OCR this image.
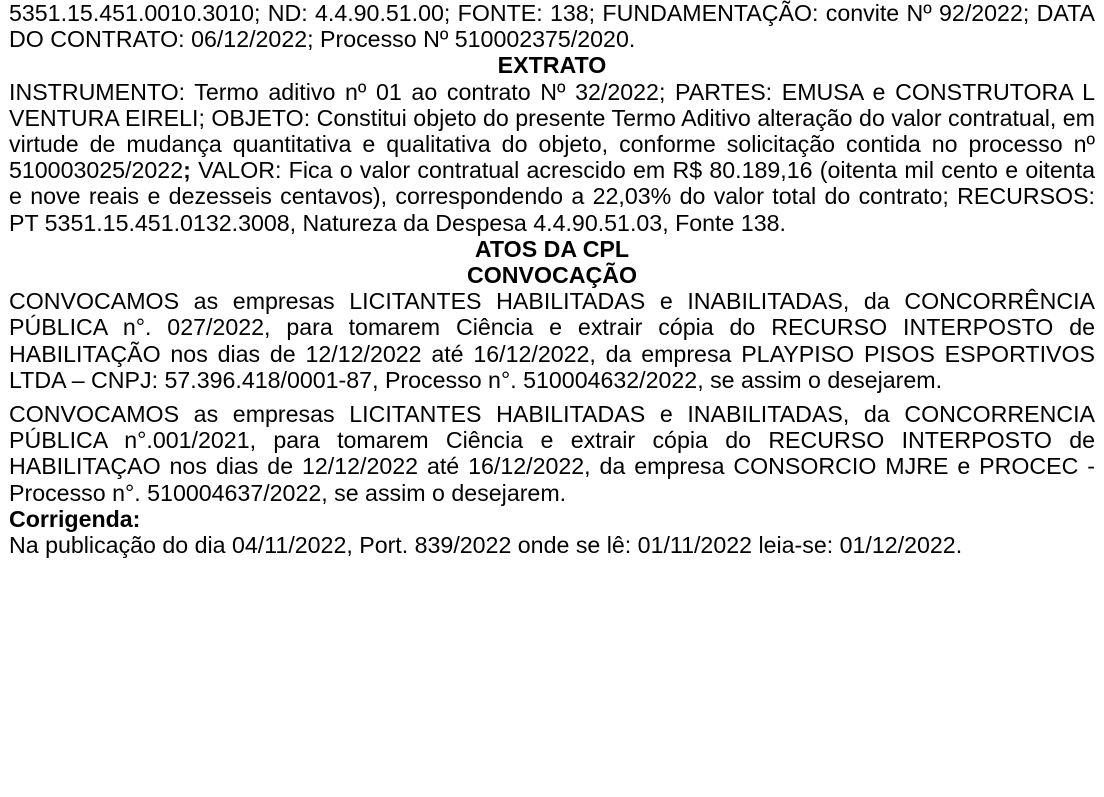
5351.15.451.0010.3010; ND: 4.4.90.51.00; FONTE: 138; FUNDAMENTAÇÃO: convite Nº 92/2022; DATA DO CONTRATO: 06/12/2022; Processo Nº 510002375/2020.

EXTRATO

INSTRUMENTO: Termo aditivo nº 01 ao contrato Nº 32/2022; PARTES: EMUSA e CONSTRUTORA L VENTURA EIRELI; OBJETO: Constitui objeto do presente Termo Aditivo alteração do valor contratual, em virtude de mudança quantitativa e qualitativa do objeto, conforme solicitação contida no processo nº 510003025/2022; VALOR: Fica o valor contratual acrescido em R$ 80.189,16 (oitenta mil cento e oitenta e nove reais e dezesseis centavos), correspondendo a 22,03% do valor total do contrato; RECURSOS: PT 5351.15.451.0132.3008, Natureza da Despesa 4.4.90.51.03, Fonte 138.

ATOS DA CPL

CONVOCAÇÃO

CONVOCAMOS as empresas LICITANTES HABILITADAS e INABILITADAS, da CONCORRÊNCIA PÚBLICA n°. 027/2022, para tomarem Ciência e extrair cópia do RECURSO INTERPOSTO de HABILITAÇÃO nos dias de 12/12/2022 até 16/12/2022, da empresa PLAYPISO PISOS ESPORTIVOS LTDA – CNPJ: 57.396.418/0001-87, Processo n°. 510004632/2022, se assim o desejarem.

CONVOCAMOS as empresas LICITANTES HABILITADAS e INABILITADAS, da CONCORRENCIA PÚBLICA n°.001/2021, para tomarem Ciência e extrair cópia do RECURSO INTERPOSTO de HABILITAÇAO nos dias de 12/12/2022 até 16/12/2022, da empresa CONSORCIO MJRE e PROCEC - Processo n°. 510004637/2022, se assim o desejarem.

Corrigenda:

Na publicação do dia 04/11/2022, Port. 839/2022 onde se lê: 01/11/2022 leia-se: 01/12/2022.
